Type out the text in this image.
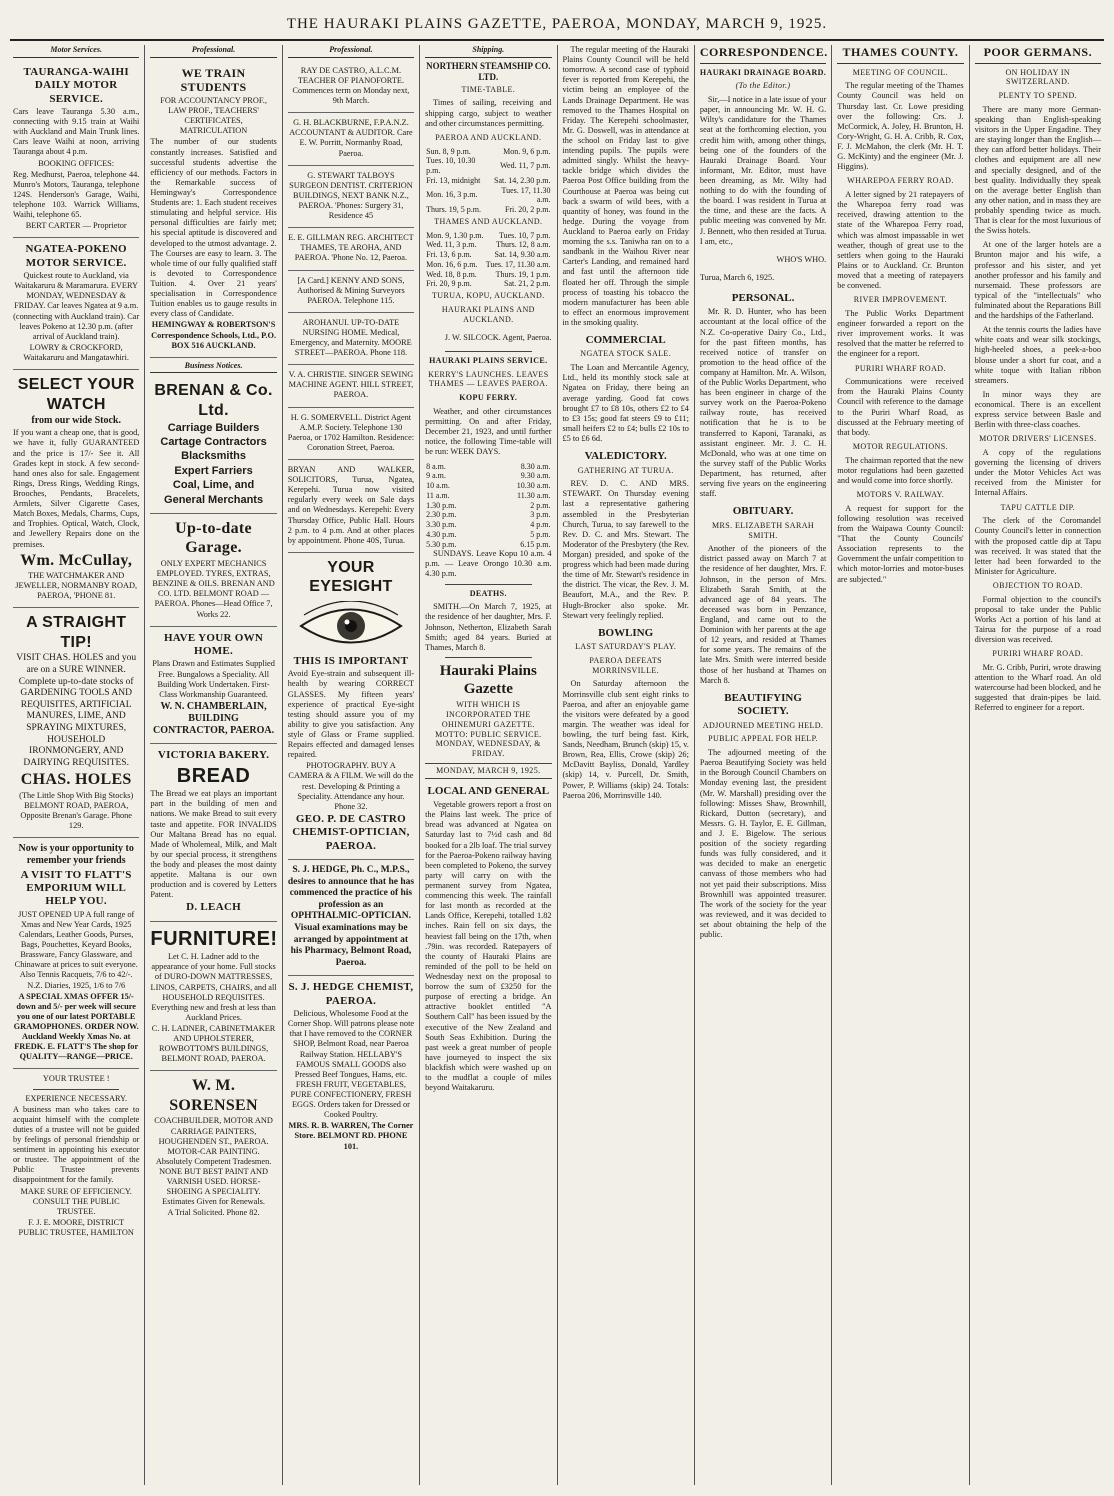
THE HAURAKI PLAINS GAZETTE, PAEROA, MONDAY, MARCH 9, 1925.
Motor Services.

TAURANGA-WAIHI DAILY MOTOR SERVICE.

Cars leave Tauranga 5.30 a.m., connecting with 9.15 train at Waihi with Auckland and Main Trunk lines. Cars leave Waihi at noon, arriving Tauranga about 4 p.m.

BOOKING OFFICES:

Reg. Medhurst, Paeroa, telephone 44. Munro's Motors, Tauranga, telephone 124S. Henderson's Garage, Waihi, telephone 103. Warrick Williams, Waihi, telephone 65.

BERT CARTER — Proprietor

NGATEA-POKENO MOTOR SERVICE.

Quickest route to Auckland, via Waitakaruru & Maramarura. EVERY MONDAY, WEDNESDAY & FRIDAY. Car leaves Ngatea at 9 a.m. (connecting with Auckland train). Car leaves Pokeno at 12.30 p.m. (after arrival of Auckland train).

LOWRY & CROCKFORD, Waitakaruru and Mangatawhiri.

SELECT YOUR WATCH

from our wide Stock.

If you want a cheap one, that is good, we have it, fully GUARANTEED and the price is 17/- See it. All Grades kept in stock. A few second-hand ones also for sale. Engagement Rings, Dress Rings, Wedding Rings, Brooches, Pendants, Bracelets, Armlets, Silver Cigarette Cases, Match Boxes, Medals, Charms, Cups, and Trophies. Optical, Watch, Clock, and Jewellery Repairs done on the premises.

Wm. McCullay,

THE WATCHMAKER AND JEWELLER, NORMANBY ROAD, PAEROA, 'PHONE 81.

A STRAIGHT TIP!

VISIT CHAS. HOLES and you are on a SURE WINNER. Complete up-to-date stocks of GARDENING TOOLS AND REQUISITES, ARTIFICIAL MANURES, LIME, AND SPRAYING MIXTURES, HOUSEHOLD IRONMONGERY, AND DAIRYING REQUISITES.

CHAS. HOLES

(The Little Shop With Big Stocks) BELMONT ROAD, PAEROA, Opposite Brenan's Garage. Phone 129.

Now is your opportunity to remember your friends

A VISIT TO FLATT'S EMPORIUM WILL HELP YOU.

JUST OPENED UP A full range of Xmas and New Year Cards, 1925 Calendars, Leather Goods, Purses, Bags, Pouchettes, Keyard Books, Brassware, Fancy Glassware, and Chinaware at prices to suit everyone. Also Tennis Racquets, 7/6 to 42/-. N.Z. Diaries, 1925, 1/6 to 7/6

A SPECIAL XMAS OFFER 15/- down and 5/- per week will secure you one of our latest PORTABLE GRAMOPHONES. ORDER NOW. Auckland Weekly Xmas No. at FREDK. E. FLATT'S The shop for QUALITY—RANGE—PRICE.

YOUR TRUSTEE !

EXPERIENCE NECESSARY.

A business man who takes care to acquaint himself with the complete duties of a trustee will not be guided by feelings of personal friendship or sentiment in appointing his executor or trustee. The appointment of the Public Trustee prevents disappointment for the family.

MAKE SURE OF EFFICIENCY. CONSULT THE PUBLIC TRUSTEE.

F. J. E. MOORE, DISTRICT PUBLIC TRUSTEE, HAMILTON

Professional.

WE TRAIN STUDENTS

FOR ACCOUNTANCY PROF., LAW PROF., TEACHERS' CERTIFICATES, MATRICULATION

The number of our students constantly increases. Satisfied and successful students advertise the efficiency of our methods. Factors in the Remarkable success of Hemingway's Correspondence Students are: 1. Each student receives stimulating and helpful service. His personal difficulties are fairly met; his special aptitude is discovered and developed to the utmost advantage. 2. The Courses are easy to learn. 3. The whole time of our fully qualified staff is devoted to Correspondence Tuition. 4. Over 21 years' specialisation in Correspondence Tuition enables us to gauge results in every class of Candidate.

HEMINGWAY & ROBERTSON'S Correspondence Schools, Ltd., P.O. BOX 516 AUCKLAND.

Business Notices.

BRENAN & Co. Ltd.

Carriage Builders

Cartage Contractors

Blacksmiths

Expert Farriers

Coal, Lime, and

General Merchants

Up-to-date Garage.

ONLY EXPERT MECHANICS EMPLOYED. TYRES, EXTRAS, BENZINE & OILS. BRENAN AND CO. LTD. BELMONT ROAD — PAEROA. Phones—Head Office 7, Works 22.

HAVE YOUR OWN HOME.

Plans Drawn and Estimates Supplied Free. Bungalows a Speciality. All Building Work Undertaken. First-Class Workmanship Guaranteed.

W. N. CHAMBERLAIN, BUILDING CONTRACTOR, PAEROA.

VICTORIA BAKERY.

BREAD

The Bread we eat plays an important part in the building of men and nations. We make Bread to suit every taste and appetite. FOR INVALIDS Our Maltana Bread has no equal. Made of Wholemeal, Milk, and Malt by our special process, it strengthens the body and pleases the most dainty appetite. Maltana is our own production and is covered by Letters Patent.

D. LEACH

FURNITURE!

Let C. H. Ladner add to the appearance of your home. Full stocks of DURO-DOWN MATTRESSES, LINOS, CARPETS, CHAIRS, and all HOUSEHOLD REQUISITES. Everything new and fresh at less than Auckland Prices.

C. H. LADNER, CABINETMAKER AND UPHOLSTERER, ROWBOTTOM'S BUILDINGS, BELMONT ROAD, PAEROA.

W. M. SORENSEN

COACHBUILDER, MOTOR AND CARRIAGE PAINTERS, HOUGHENDEN ST., PAEROA. MOTOR-CAR PAINTING. Absolutely Competent Tradesmen. NONE BUT BEST PAINT AND VARNISH USED. HORSE-SHOEING A SPECIALITY. Estimates Given for Renewals.

A Trial Solicited. Phone 82.

Professional.

RAY DE CASTRO, A.L.C.M. TEACHER OF PIANOFORTE. Commences term on Monday next, 9th March.

G. H. BLACKBURNE, F.P.A.N.Z. ACCOUNTANT & AUDITOR. Care E. W. Porritt, Normanby Road, Paeroa.

G. STEWART TALBOYS SURGEON DENTIST. CRITERION BUILDINGS, NEXT BANK N.Z., PAEROA. 'Phones: Surgery 31, Residence 45

E. E. GILLMAN REG. ARCHITECT THAMES, TE AROHA, AND PAEROA. 'Phone No. 12, Paeroa.

[A Card.] KENNY AND SONS, Authorised & Mining Surveyors PAEROA. Telephone 115.

AROHANUI. UP-TO-DATE NURSING HOME. Medical, Emergency, and Maternity. MOORE STREET—PAEROA. Phone 118.

V. A. CHRISTIE. SINGER SEWING MACHINE AGENT. HILL STREET, PAEROA.

H. G. SOMERVELL. District Agent A.M.P. Society. Telephone 130 Paeroa, or 1702 Hamilton. Residence: Coronation Street, Paeroa.

BRYAN AND WALKER, SOLICITORS, Turua, Ngatea, Kerepehi. Turua now visited regularly every week on Sale days and on Wednesdays. Kerepehi: Every Thursday Office, Public Hall. Hours 2 p.m. to 4 p.m. And at other places by appointment. Phone 40S, Turua.

YOUR EYESIGHT

THIS IS IMPORTANT

Avoid Eye-strain and subsequent ill-health by wearing CORRECT GLASSES. My fifteen years' experience of practical Eye-sight testing should assure you of my ability to give you satisfaction. Any style of Glass or Frame supplied. Repairs effected and damaged lenses repaired.

PHOTOGRAPHY. BUY A CAMERA & A FILM. We will do the rest. Developing & Printing a Speciality. Attendance any hour. Phone 32.

GEO. P. DE CASTRO CHEMIST-OPTICIAN, PAEROA.

S. J. HEDGE, Ph. C., M.P.S., desires to announce that he has commenced the practice of his profession as an OPHTHALMIC-OPTICIAN. Visual examinations may be arranged by appointment at his Pharmacy, Belmont Road, Paeroa.

S. J. HEDGE CHEMIST, PAEROA.

Delicious, Wholesome Food at the Corner Shop. Will patrons please note that I have removed to the CORNER SHOP, Belmont Road, near Paeroa Railway Station. HELLABY'S FAMOUS SMALL GOODS also Pressed Beef Tongues, Hams, etc. FRESH FRUIT, VEGETABLES, PURE CONFECTIONERY, FRESH EGGS. Orders taken for Dressed or Cooked Poultry.

MRS. R. B. WARREN, The Corner Store. BELMONT RD. PHONE 101.

Shipping.

NORTHERN STEAMSHIP CO. LTD.

TIME-TABLE.

Times of sailing, receiving and shipping cargo, subject to weather and other circumstances permitting.

PAEROA AND AUCKLAND.

Sun. 8, 9 p.m.	Mon. 9, 6 p.m.
Tues. 10, 10.30 p.m.	Wed. 11, 7 p.m.
Fri. 13, midnight	Sat. 14, 2.30 p.m.
Mon. 16, 3 p.m.	Tues. 17, 11.30 a.m.
Thurs. 19, 5 p.m.	Fri. 20, 2 p.m.

THAMES AND AUCKLAND.

Mon. 9, 1.30 p.m.	Tues. 10, 7 p.m.
Wed. 11, 3 p.m.	Thurs. 12, 8 a.m.
Fri. 13, 6 p.m.	Sat. 14, 9.30 a.m.
Mon. 16, 6 p.m.	Tues. 17, 11.30 a.m.
Wed. 18, 8 p.m.	Thurs. 19, 1 p.m.
Fri. 20, 9 p.m.	Sat. 21, 2 p.m.

TURUA, KOPU, AUCKLAND.

HAURAKI PLAINS AND AUCKLAND.

J. W. SILCOCK. Agent, Paeroa.

HAURAKI PLAINS SERVICE.

KERRY'S LAUNCHES. LEAVES THAMES — LEAVES PAEROA.

KOPU FERRY.

Weather, and other circumstances permitting. On and after Friday, December 21, 1923, and until further notice, the following Time-table will be run: WEEK DAYS.

8 a.m.	8.30 a.m.
9 a.m.	9.30 a.m.
10 a.m.	10.30 a.m.
11 a.m.	11.30 a.m.
1.30 p.m.	2 p.m.
2.30 p.m.	3 p.m.
3.30 p.m.	4 p.m.
4.30 p.m.	5 p.m.
5.30 p.m.	6.15 p.m.

SUNDAYS. Leave Kopu 10 a.m. 4 p.m. — Leave Orongo 10.30 a.m. 4.30 p.m.

DEATHS.

SMITH.—On March 7, 1925, at the residence of her daughter, Mrs. F. Johnson, Netherton, Elizabeth Sarah Smith; aged 84 years. Buried at Thames, March 8.

Hauraki Plains Gazette

WITH WHICH IS INCORPORATED THE OHINEMURI GAZETTE. MOTTO: PUBLIC SERVICE. MONDAY, WEDNESDAY, & FRIDAY.

MONDAY, MARCH 9, 1925.

LOCAL AND GENERAL

Vegetable growers report a frost on the Plains last week. The price of bread was advanced at Ngatea on Saturday last to 7½d cash and 8d booked for a 2lb loaf. The trial survey for the Paeroa-Pokeno railway having been completed to Pokeno, the survey party will carry on with the permanent survey from Ngatea, commencing this week. The rainfall for last month as recorded at the Lands Office, Kerepehi, totalled 1.82 inches. Rain fell on six days, the heaviest fall being on the 17th, when .79in. was recorded. Ratepayers of the county of Hauraki Plains are reminded of the poll to be held on Wednesday next on the proposal to borrow the sum of £3250 for the purpose of erecting a bridge. An attractive booklet entitled "A Southern Call" has been issued by the executive of the New Zealand and South Seas Exhibition. During the past week a great number of people have journeyed to inspect the six blackfish which were washed up on to the mudflat a couple of miles beyond Waitakaruru.

The regular meeting of the Hauraki Plains County Council will be held tomorrow. A second case of typhoid fever is reported from Kerepehi, the victim being an employee of the Lands Drainage Department. He was removed to the Thames Hospital on Friday. The Kerepehi schoolmaster, Mr. G. Doswell, was in attendance at the school on Friday last to give intending pupils. The pupils were admitted singly. Whilst the heavy-tackle bridge which divides the Paeroa Post Office building from the Courthouse at Paeroa was being cut back a swarm of wild bees, with a quantity of honey, was found in the hedge. During the voyage from Auckland to Paeroa early on Friday morning the s.s. Taniwha ran on to a sandbank in the Waihou River near Carter's Landing, and remained hard and fast until the afternoon tide floated her off. Through the simple process of toasting his tobacco the modern manufacturer has been able to effect an enormous improvement in the smoking quality.

COMMERCIAL

NGATEA STOCK SALE.

The Loan and Mercantile Agency, Ltd., held its monthly stock sale at Ngatea on Friday, there being an average yarding. Good fat cows brought £7 to £8 10s, others £2 to £4 to £3 15s; good fat steers £9 to £11; small heifers £2 to £4; bulls £2 10s to £5 to £6 6d.

VALEDICTORY.

GATHERING AT TURUA.

REV. D. C. AND MRS. STEWART. On Thursday evening last a representative gathering assembled in the Presbyterian Church, Turua, to say farewell to the Rev. D. C. and Mrs. Stewart. The Moderator of the Presbytery (the Rev. Morgan) presided, and spoke of the progress which had been made during the time of Mr. Stewart's residence in the district. The vicar, the Rev. J. M. Beaufort, M.A., and the Rev. P. Hugh-Brocker also spoke. Mr. Stewart very feelingly replied.

BOWLING

LAST SATURDAY'S PLAY.

PAEROA DEFEATS MORRINSVILLE.

On Saturday afternoon the Morrinsville club sent eight rinks to Paeroa, and after an enjoyable game the visitors were defeated by a good margin. The weather was ideal for bowling, the turf being fast. Kirk, Sands, Needham, Brunch (skip) 15, v. Brown, Rea, Ellis, Crowe (skip) 26; McDavitt Bayliss, Donald, Yardley (skip) 14, v. Purcell, Dr. Smith, Power, P. Williams (skip) 24. Totals: Paeroa 206, Morrinsville 140.

CORRESPONDENCE.

HAURAKI DRAINAGE BOARD.

(To the Editor.)

Sir,—I notice in a late issue of your paper, in announcing Mr. W. H. G. Wilty's candidature for the Thames seat at the forthcoming election, you credit him with, among other things, being one of the founders of the Hauraki Drainage Board. Your informant, Mr. Editor, must have been dreaming, as Mr. Wilty had nothing to do with the founding of the board. I was resident in Turua at the time, and these are the facts. A public meeting was convened by Mr. J. Bennett, who then resided at Turua. I am, etc.,

WHO'S WHO.

Turua, March 6, 1925.

PERSONAL.

Mr. R. D. Hunter, who has been accountant at the local office of the N.Z. Co-operative Dairy Co., Ltd., for the past fifteen months, has received notice of transfer on promotion to the head office of the company at Hamilton. Mr. A. Wilson, of the Public Works Department, who has been engineer in charge of the survey work on the Paeroa-Pokeno railway route, has received notification that he is to be transferred to Kaponi, Taranaki, as assistant engineer. Mr. J. C. H. McDonald, who was at one time on the survey staff of the Public Works Department, has returned, after serving five years on the engineering staff.

OBITUARY.

MRS. ELIZABETH SARAH SMITH.

Another of the pioneers of the district passed away on March 7 at the residence of her daughter, Mrs. F. Johnson, in the person of Mrs. Elizabeth Sarah Smith, at the advanced age of 84 years. The deceased was born in Penzance, England, and came out to the Dominion with her parents at the age of 12 years, and resided at Thames for some years. The remains of the late Mrs. Smith were interred beside those of her husband at Thames on March 8.

BEAUTIFYING SOCIETY.

ADJOURNED MEETING HELD.

PUBLIC APPEAL FOR HELP.

The adjourned meeting of the Paeroa Beautifying Society was held in the Borough Council Chambers on Monday evening last, the president (Mr. W. Marshall) presiding over the following: Misses Shaw, Brownhill, Rickard, Dutton (secretary), and Messrs. G. H. Taylor, E. E. Gillman, and J. E. Bigelow. The serious position of the society regarding funds was fully considered, and it was decided to make an energetic canvass of those members who had not yet paid their subscriptions. Miss Brownhill was appointed treasurer. The work of the society for the year was reviewed, and it was decided to set about obtaining the help of the public.

THAMES COUNTY.

MEETING OF COUNCIL.

The regular meeting of the Thames County Council was held on Thursday last. Cr. Lowe presiding over the following: Crs. J. McCormick, A. Joley, H. Brunton, H. Cory-Wright, G. H. A. Cribb, R. Cox, F. J. McMahon, the clerk (Mr. H. T. G. McKinty) and the engineer (Mr. J. Higgins).

WHAREPOA FERRY ROAD.

A letter signed by 21 ratepayers of the Wharepoa ferry road was received, drawing attention to the state of the Wharepoa Ferry road, which was almost impassable in wet weather, though of great use to the settlers when going to the Hauraki Plains or to Auckland. Cr. Brunton moved that a meeting of ratepayers be convened.

RIVER IMPROVEMENT.

The Public Works Department engineer forwarded a report on the river improvement works. It was resolved that the matter be referred to the engineer for a report.

PURIRI WHARF ROAD.

Communications were received from the Hauraki Plains County Council with reference to the damage to the Puriri Wharf Road, as discussed at the February meeting of that body.

MOTOR REGULATIONS.

The chairman reported that the new motor regulations had been gazetted and would come into force shortly.

MOTORS V. RAILWAY.

A request for support for the following resolution was received from the Waipawa County Council: "That the County Councils' Association represents to the Government the unfair competition to which motor-lorries and motor-buses are subjected."

POOR GERMANS.

ON HOLIDAY IN SWITZERLAND.

PLENTY TO SPEND.

There are many more German-speaking than English-speaking visitors in the Upper Engadine. They are staying longer than the English—they can afford better holidays. Their clothes and equipment are all new and specially designed, and of the best quality. Individually they speak on the average better English than any other nation, and in mass they are probably spending twice as much. That is clear for the most luxurious of the Swiss hotels.

At one of the larger hotels are a Brunton major and his wife, a professor and his sister, and yet another professor and his family and nursemaid. These professors are typical of the "intellectuals" who fulminated about the Reparations Bill and the hardships of the Fatherland.

At the tennis courts the ladies have white coats and wear silk stockings, high-heeled shoes, a peek-a-boo blouse under a short fur coat, and a white toque with Italian ribbon streamers.

In minor ways they are economical. There is an excellent express service between Basle and Berlin with three-class coaches.

MOTOR DRIVERS' LICENSES.

A copy of the regulations governing the licensing of drivers under the Motor Vehicles Act was received from the Minister for Internal Affairs.

TAPU CATTLE DIP.

The clerk of the Coromandel County Council's letter in connection with the proposed cattle dip at Tapu was received. It was stated that the letter had been forwarded to the Minister for Agriculture.

OBJECTION TO ROAD.

Formal objection to the council's proposal to take under the Public Works Act a portion of his land at Tairua for the purpose of a road diversion was received.

PURIRI WHARF ROAD.

Mr. G. Cribb, Puriri, wrote drawing attention to the Wharf road. An old watercourse had been blocked, and he suggested that drain-pipes be laid. Referred to engineer for a report.
